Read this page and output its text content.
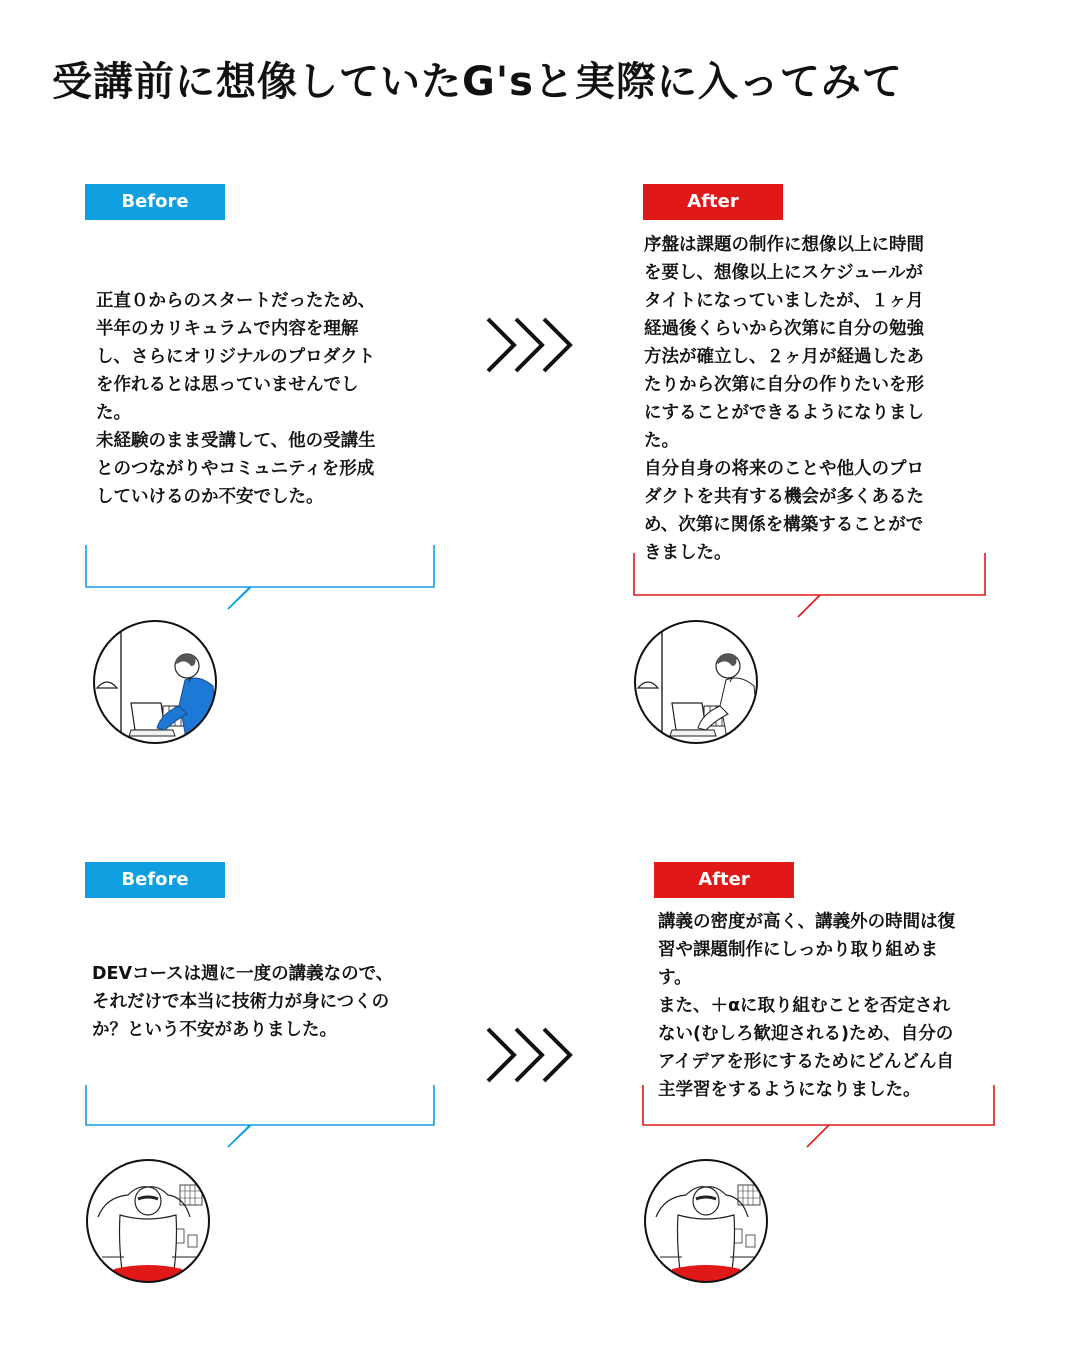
受講前に想像していたG'sと実際に入ってみて
Before

正直０からのスタートだったため、
半年のカリキュラムで内容を理解
し、さらにオリジナルのプロダクト
を作れるとは思っていませんでし
た。
未経験のまま受講して、他の受講生
とのつながりやコミュニティを形成
していけるのか不安でした。

After

序盤は課題の制作に想像以上に時間
を要し、想像以上にスケジュールが
タイトになっていましたが、１ヶ月
経過後くらいから次第に自分の勉強
方法が確立し、２ヶ月が経過したあ
たりから次第に自分の作りたいを形
にすることができるようになりまし
た。
自分自身の将来のことや他人のプロ
ダクトを共有する機会が多くあるた
め、次第に関係を構築することがで
きました。

Before

DEVコースは週に一度の講義なので、
それだけで本当に技術力が身につくの
か？という不安がありました。

After

講義の密度が高く、講義外の時間は復
習や課題制作にしっかり取り組めま
す。
また、＋αに取り組むことを否定され
ない(むしろ歓迎される)ため、自分の
アイデアを形にするためにどんどん自
主学習をするようになりました。
